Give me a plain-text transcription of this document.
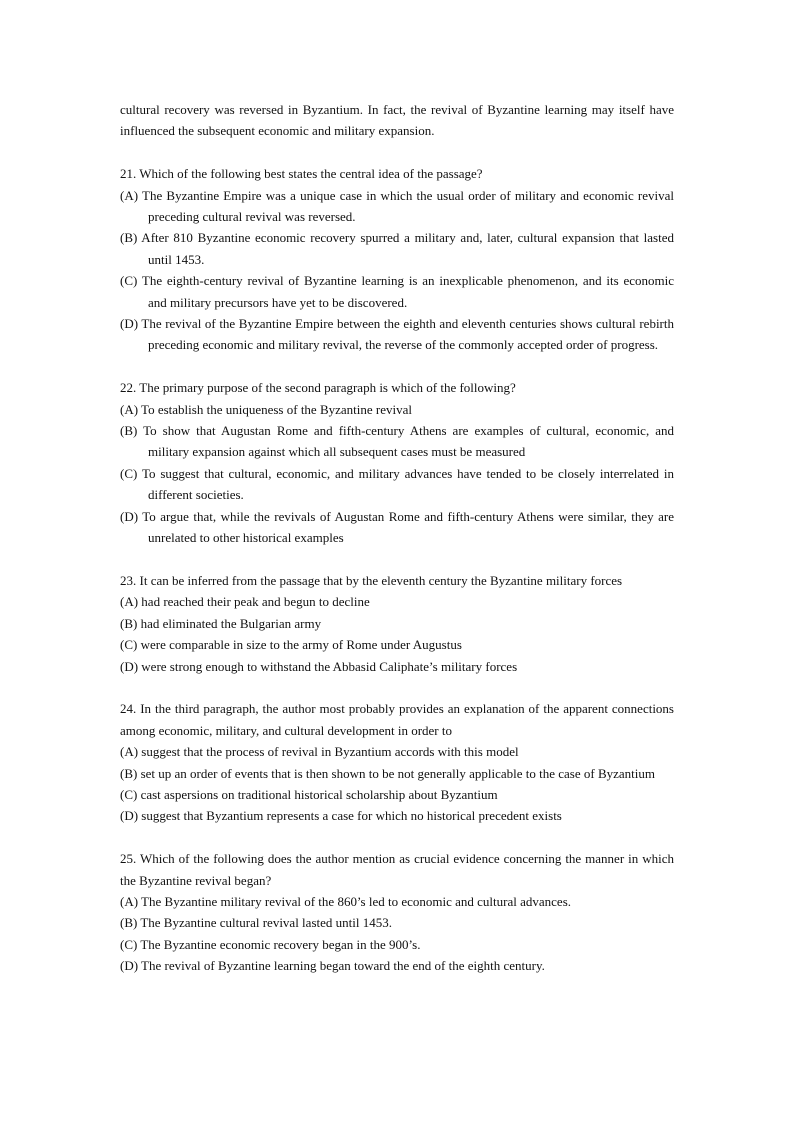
cultural recovery was reversed in Byzantium. In fact, the revival of Byzantine learning may itself have influenced the subsequent economic and military expansion.

21. Which of the following best states the central idea of the passage?

(A) The Byzantine Empire was a unique case in which the usual order of military and economic revival preceding cultural revival was reversed.

(B) After 810 Byzantine economic recovery spurred a military and, later, cultural expansion that lasted until 1453.

(C) The eighth-century revival of Byzantine learning is an inexplicable phenomenon, and its economic and military precursors have yet to be discovered.

(D) The revival of the Byzantine Empire between the eighth and eleventh centuries shows cultural rebirth preceding economic and military revival, the reverse of the commonly accepted order of progress.

22. The primary purpose of the second paragraph is which of the following?

(A) To establish the uniqueness of the Byzantine revival

(B) To show that Augustan Rome and fifth-century Athens are examples of cultural, economic, and military expansion against which all subsequent cases must be measured

(C) To suggest that cultural, economic, and military advances have tended to be closely interrelated in different societies.

(D) To argue that, while the revivals of Augustan Rome and fifth-century Athens were similar, they are unrelated to other historical examples

23. It can be inferred from the passage that by the eleventh century the Byzantine military forces

(A) had reached their peak and begun to decline

(B) had eliminated the Bulgarian army

(C) were comparable in size to the army of Rome under Augustus

(D) were strong enough to withstand the Abbasid Caliphate’s military forces

24. In the third paragraph, the author most probably provides an explanation of the apparent connections among economic, military, and cultural development in order to

(A) suggest that the process of revival in Byzantium accords with this model

(B) set up an order of events that is then shown to be not generally applicable to the case of Byzantium

(C) cast aspersions on traditional historical scholarship about Byzantium

(D) suggest that Byzantium represents a case for which no historical precedent exists

25. Which of the following does the author mention as crucial evidence concerning the manner in which the Byzantine revival began?

(A) The Byzantine military revival of the 860’s led to economic and cultural advances.

(B) The Byzantine cultural revival lasted until 1453.

(C) The Byzantine economic recovery began in the 900’s.

(D) The revival of Byzantine learning began toward the end of the eighth century.
